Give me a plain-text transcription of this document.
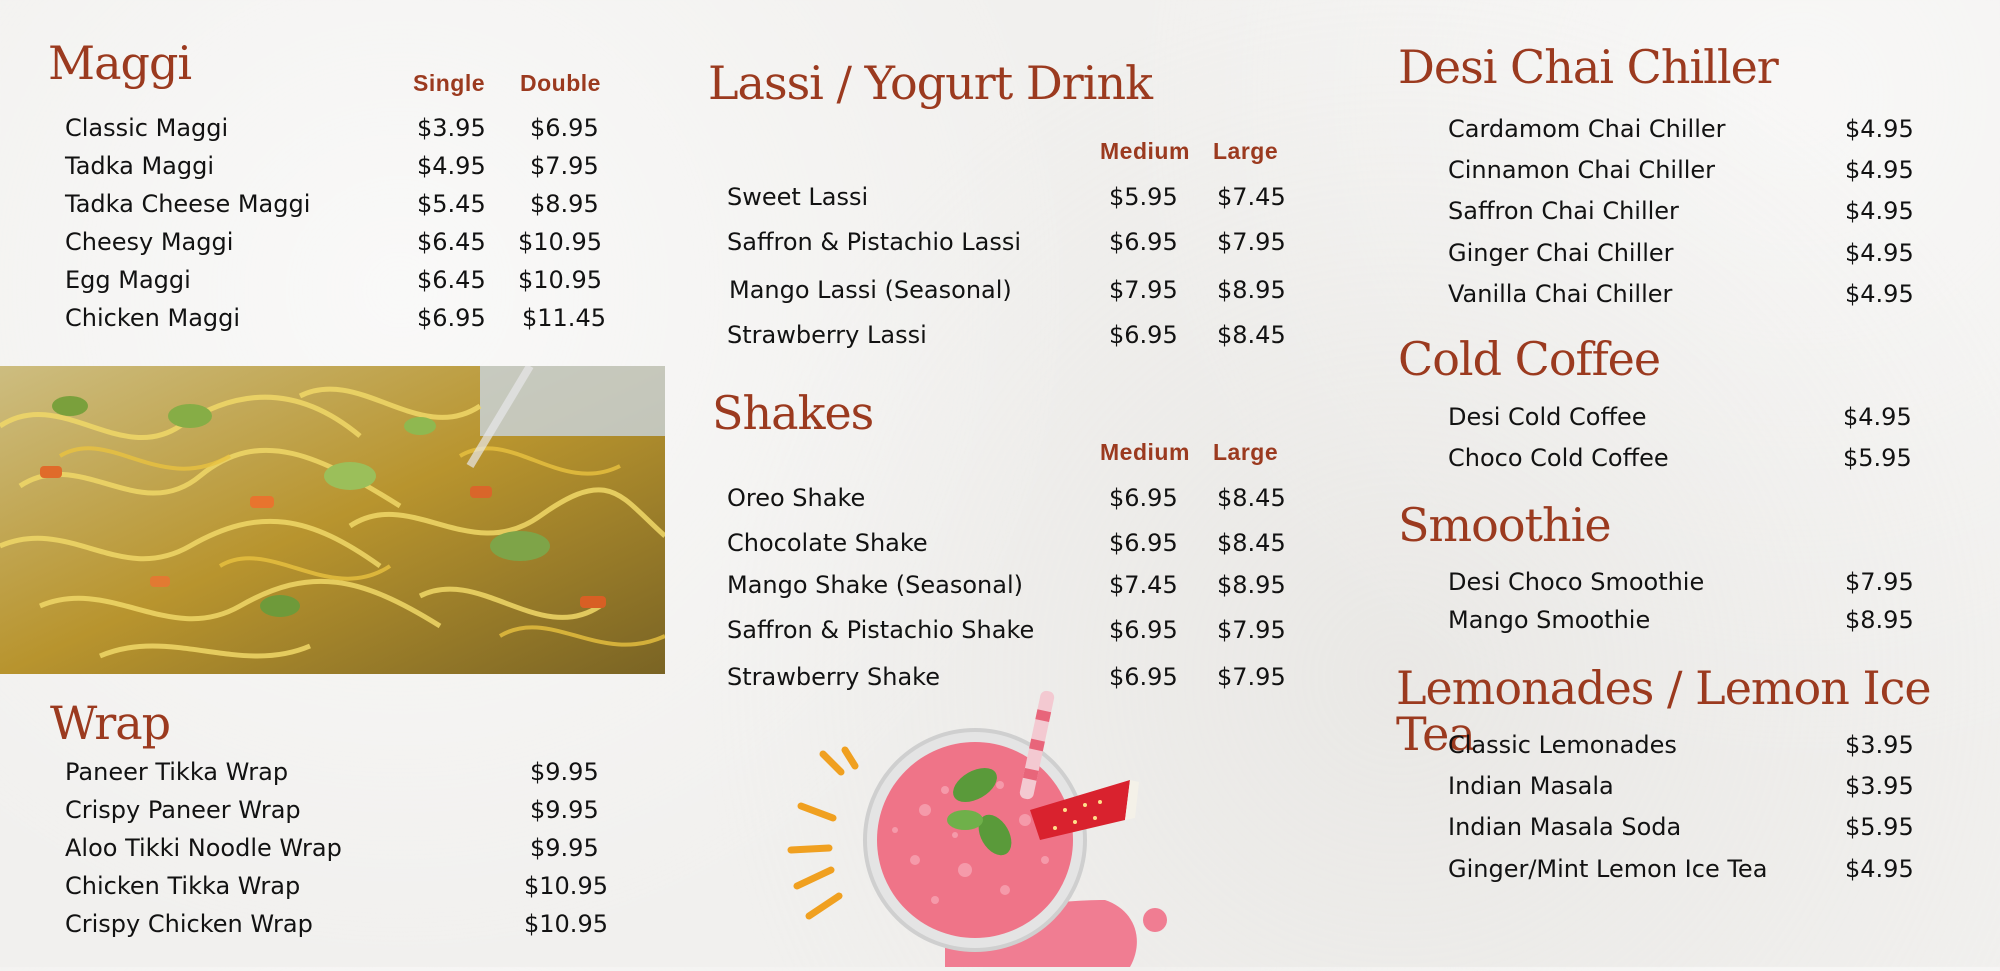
Maggi	Single Double
Classic Maggi	$3.95 $6.95
Tadka Maggi	$4.95 $7.95
Tadka Cheese Maggi	$5.45 $8.95
Cheesy Maggi	$6.45 $10.95
Egg Maggi	$6.45 $10.95
Chicken Maggi	$6.95 $11.45
Wrap
Paneer Tikka Wrap	$9.95
Crispy Paneer Wrap	$9.95
Aloo Tikki Noodle Wrap	$9.95
Chicken Tikka Wrap	$10.95
Crispy Chicken Wrap	$10.95
Lassi / Yogurt Drink
Medium Large
Sweet Lassi	$5.95 $7.45
Saffron & Pistachio Lassi	$6.95 $7.95
Mango Lassi (Seasonal)	$7.95 $8.95
Strawberry Lassi	$6.95 $8.45
Shakes
Medium Large
Oreo Shake	$6.95 $8.45
Chocolate Shake	$6.95 $8.45
Mango Shake (Seasonal)	$7.45 $8.95
Saffron & Pistachio Shake	$6.95 $7.95
Strawberry Shake	$6.95 $7.95
Desi Chai Chiller
Cardamom Chai Chiller	$4.95
Cinnamon Chai Chiller	$4.95
Saffron Chai Chiller	$4.95
Ginger Chai Chiller	$4.95
Vanilla Chai Chiller	$4.95
Cold Coffee
Desi Cold Coffee	$4.95
Choco Cold Coffee	$5.95
Smoothie
Desi Choco Smoothie	$7.95
Mango Smoothie	$8.95
Lemonades / Lemon Ice Tea
Classic Lemonades	$3.95
Indian Masala	$3.95
Indian Masala Soda	$5.95
Ginger/Mint Lemon Ice Tea	$4.95
